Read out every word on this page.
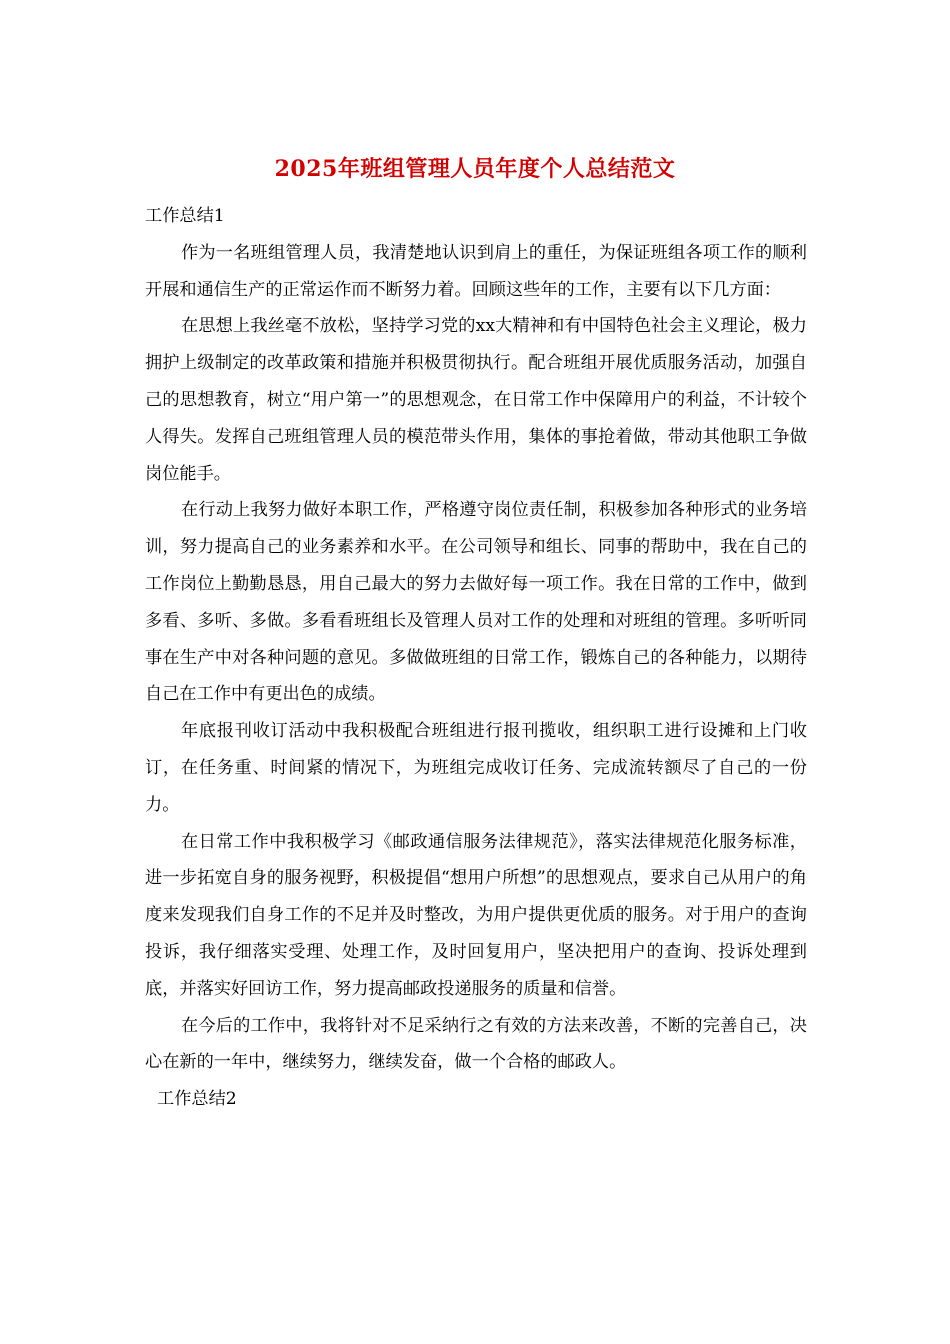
2025年班组管理人员年度个人总结范文

工作总结1

作为一名班组管理人员，我清楚地认识到肩上的重任，为保证班组各项工作的顺利开展和通信生产的正常运作而不断努力着。回顾这些年的工作，主要有以下几方面：

在思想上我丝毫不放松，坚持学习党的xx大精神和有中国特色社会主义理论，极力拥护上级制定的改革政策和措施并积极贯彻执行。配合班组开展优质服务活动，加强自己的思想教育，树立“用户第一”的思想观念，在日常工作中保障用户的利益，不计较个人得失。发挥自己班组管理人员的模范带头作用，集体的事抢着做，带动其他职工争做岗位能手。

在行动上我努力做好本职工作，严格遵守岗位责任制，积极参加各种形式的业务培训，努力提高自己的业务素养和水平。在公司领导和组长、同事的帮助中，我在自己的工作岗位上勤勤恳恳，用自己最大的努力去做好每一项工作。我在日常的工作中，做到多看、多听、多做。多看看班组长及管理人员对工作的处理和对班组的管理。多听听同事在生产中对各种问题的意见。多做做班组的日常工作，锻炼自己的各种能力，以期待自己在工作中有更出色的成绩。

年底报刊收订活动中我积极配合班组进行报刊揽收，组织职工进行设摊和上门收订，在任务重、时间紧的情况下，为班组完成收订任务、完成流转额尽了自己的一份力。

在日常工作中我积极学习《邮政通信服务法律规范》，落实法律规范化服务标准，进一步拓宽自身的服务视野，积极提倡“想用户所想”的思想观点，要求自己从用户的角度来发现我们自身工作的不足并及时整改，为用户提供更优质的服务。对于用户的查询投诉，我仔细落实受理、处理工作，及时回复用户，坚决把用户的查询、投诉处理到底，并落实好回访工作，努力提高邮政投递服务的质量和信誉。

在今后的工作中，我将针对不足采纳行之有效的方法来改善，不断的完善自己，决心在新的一年中，继续努力，继续发奋，做一个合格的邮政人。

工作总结2
